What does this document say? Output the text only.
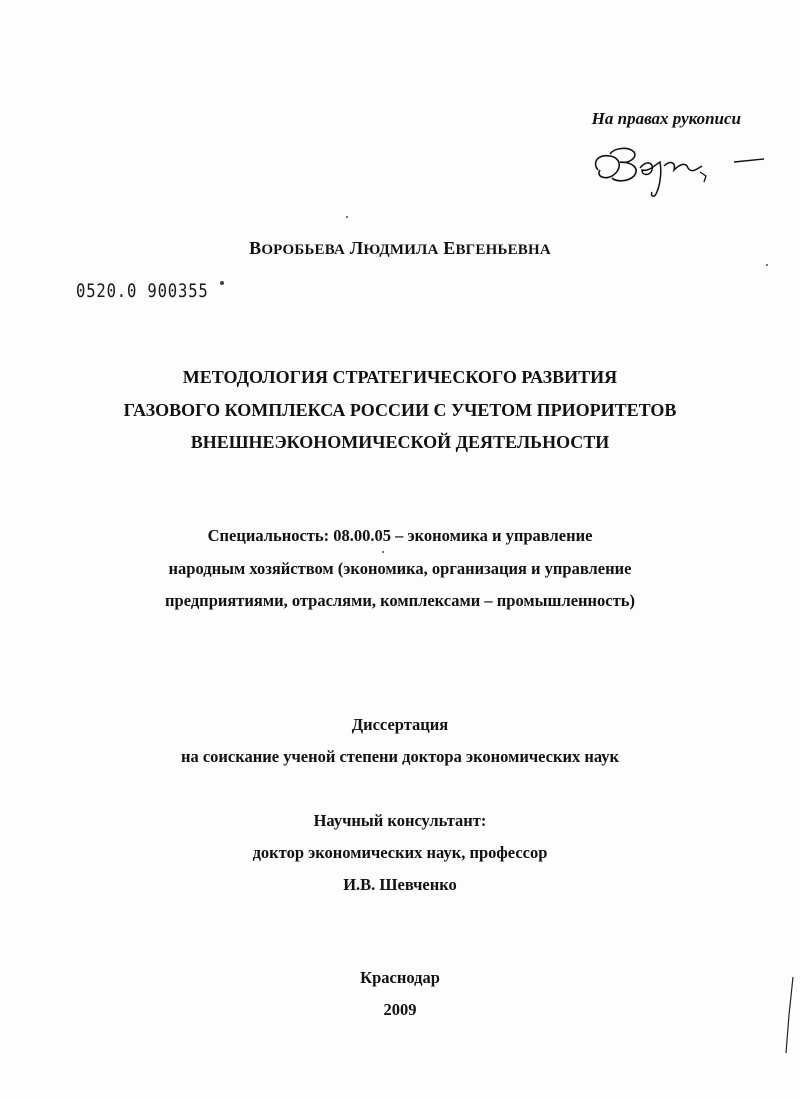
На правах рукописи
ВОРОБЬЕВА ЛЮДМИЛА ЕВГЕНЬЕВНА
0520.0 900355
МЕТОДОЛОГИЯ СТРАТЕГИЧЕСКОГО РАЗВИТИЯ
ГАЗОВОГО КОМПЛЕКСА РОССИИ С УЧЕТОМ ПРИОРИТЕТОВ
ВНЕШНЕЭКОНОМИЧЕСКОЙ ДЕЯТЕЛЬНОСТИ
Специальность: 08.00.05 – экономика и управление
народным хозяйством (экономика, организация и управление
предприятиями, отраслями, комплексами – промышленность)
Диссертация
на соискание ученой степени доктора экономических наук
Научный консультант:
доктор экономических наук, профессор
И.В. Шевченко
Краснодар
2009
